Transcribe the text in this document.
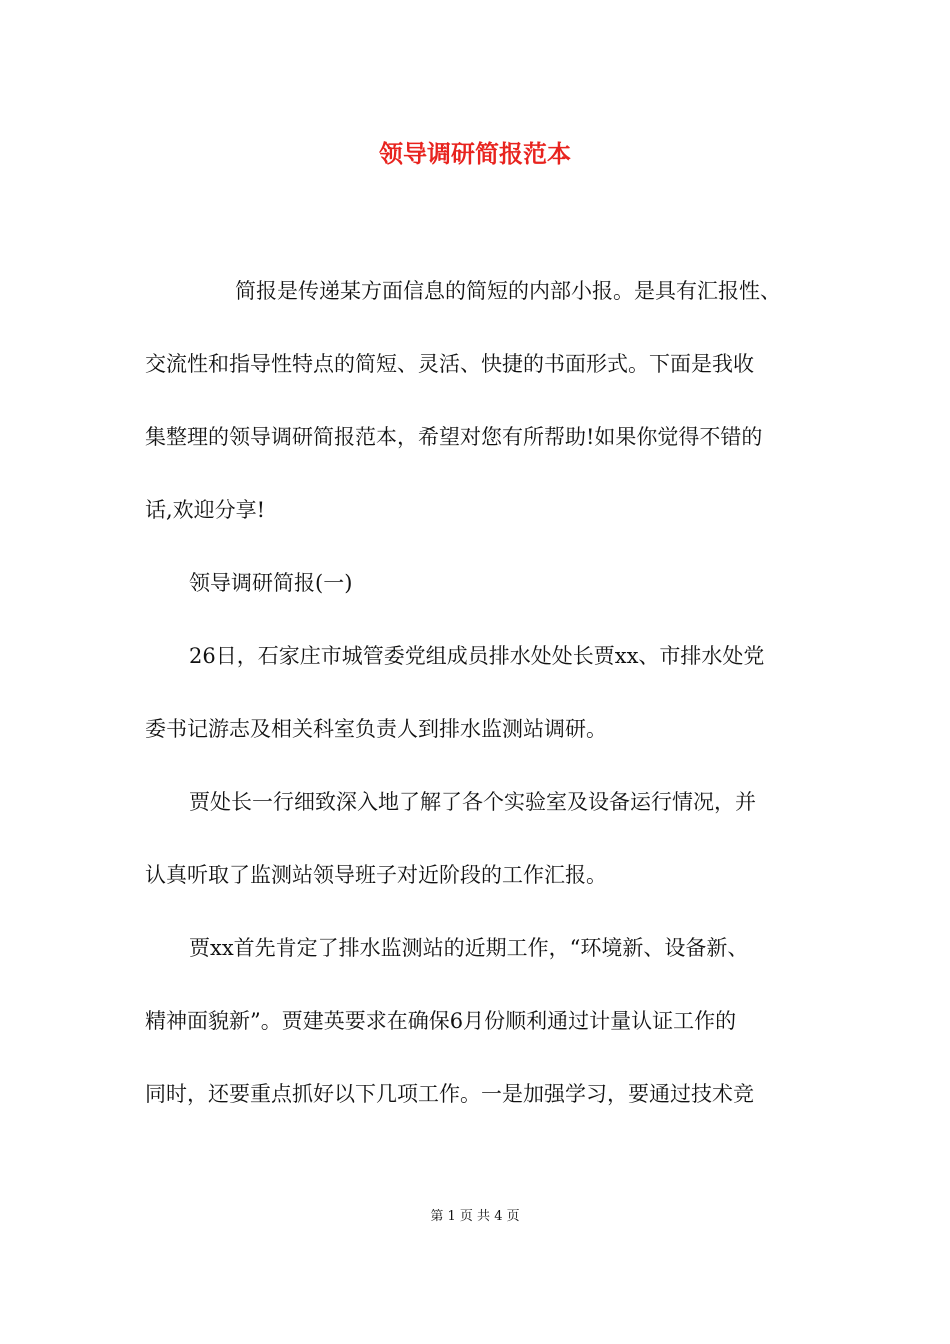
领导调研简报范本

简报是传递某方面信息的简短的内部小报。是具有汇报性、

交流性和指导性特点的简短、灵活、快捷的书面形式。下面是我收

集整理的领导调研简报范本，希望对您有所帮助!如果你觉得不错的

话,欢迎分享!

领导调研简报(一)

26日，石家庄市城管委党组成员排水处处长贾xx、市排水处党

委书记游志及相关科室负责人到排水监测站调研。

贾处长一行细致深入地了解了各个实验室及设备运行情况，并

认真听取了监测站领导班子对近阶段的工作汇报。

贾xx首先肯定了排水监测站的近期工作，“环境新、设备新、

精神面貌新”。贾建英要求在确保6月份顺利通过计量认证工作的

同时，还要重点抓好以下几项工作。一是加强学习，要通过技术竞

第 1 页 共 4 页
